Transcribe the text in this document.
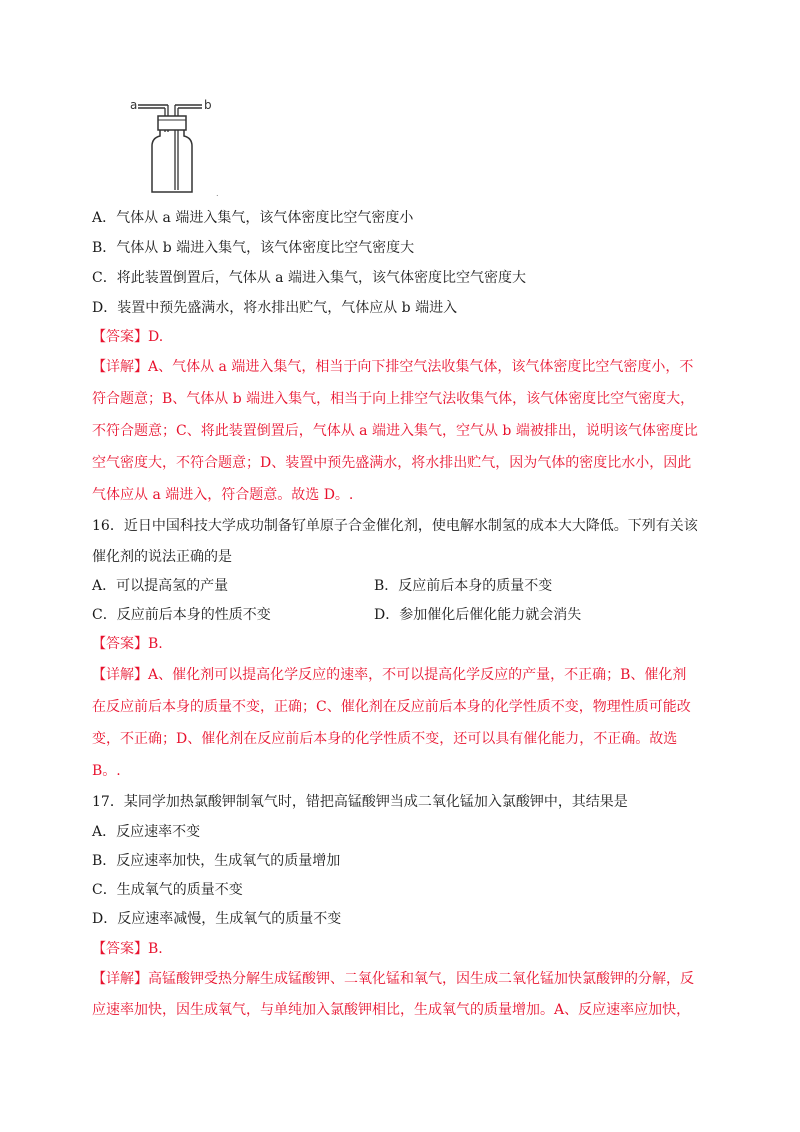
a	b
.
A．气体从 a 端进入集气，该气体密度比空气密度小
B．气体从 b 端进入集气，该气体密度比空气密度大
C．将此装置倒置后，气体从 a 端进入集气，该气体密度比空气密度大
D．装置中预先盛满水，将水排出贮气，气体应从 b 端进入
【答案】D.
【详解】A、气体从 a 端进入集气，相当于向下排空气法收集气体，该气体密度比空气密度小，不
符合题意；B、气体从 b 端进入集气，相当于向上排空气法收集气体，该气体密度比空气密度大，
不符合题意；C、将此装置倒置后，气体从 a 端进入集气，空气从 b 端被排出，说明该气体密度比
空气密度大，不符合题意；D、装置中预先盛满水，将水排出贮气，因为气体的密度比水小，因此
气体应从 a 端进入，符合题意。故选 D。.
16．近日中国科技大学成功制备钌单原子合金催化剂，使电解水制氢的成本大大降低。下列有关该
催化剂的说法正确的是
A．可以提高氢的产量	B．反应前后本身的质量不变
C．反应前后本身的性质不变	D．参加催化后催化能力就会消失
【答案】B.
【详解】A、催化剂可以提高化学反应的速率，不可以提高化学反应的产量，不正确；B、催化剂
在反应前后本身的质量不变，正确；C、催化剂在反应前后本身的化学性质不变，物理性质可能改
变，不正确；D、催化剂在反应前后本身的化学性质不变，还可以具有催化能力，不正确。故选
B。.
17．某同学加热氯酸钾制氧气时，错把高锰酸钾当成二氧化锰加入氯酸钾中，其结果是
A．反应速率不变
B．反应速率加快，生成氧气的质量增加
C．生成氧气的质量不变
D．反应速率减慢，生成氧气的质量不变
【答案】B.
【详解】高锰酸钾受热分解生成锰酸钾、二氧化锰和氧气，因生成二氧化锰加快氯酸钾的分解，反
应速率加快，因生成氧气，与单纯加入氯酸钾相比，生成氧气的质量增加。A、反应速率应加快，
